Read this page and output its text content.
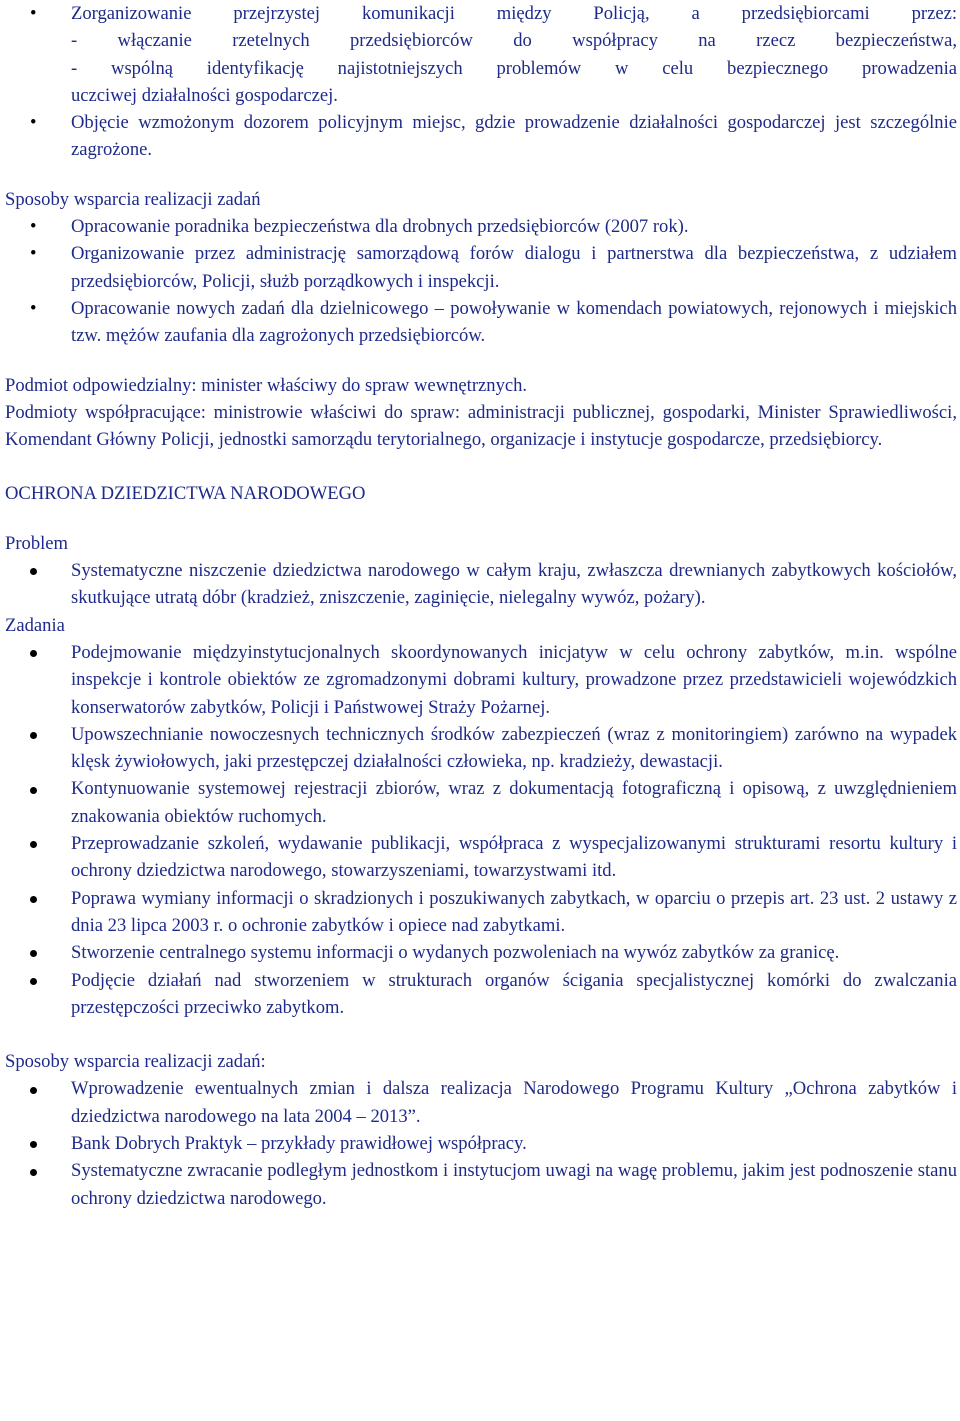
• Zorganizowanie przejrzystej komunikacji między Policją, a przedsiębiorcami przez:
- włączanie rzetelnych przedsiębiorców do współpracy na rzecz bezpieczeństwa,
- wspólną identyfikację najistotniejszych problemów w celu bezpiecznego prowadzenia
uczciwej działalności gospodarczej.
• Objęcie wzmożonym dozorem policyjnym miejsc, gdzie prowadzenie działalności gospodarczej jest szczególnie zagrożone.

Sposoby wsparcia realizacji zadań

• Opracowanie poradnika bezpieczeństwa dla drobnych przedsiębiorców (2007 rok).
• Organizowanie przez administrację samorządową forów dialogu i partnerstwa dla bezpieczeństwa, z udziałem przedsiębiorców, Policji, służb porządkowych i inspekcji.
• Opracowanie nowych zadań dla dzielnicowego – powoływanie w komendach powiatowych, rejonowych i miejskich tzw. mężów zaufania dla zagrożonych przedsiębiorców.

Podmiot odpowiedzialny: minister właściwy do spraw wewnętrznych.

Podmioty współpracujące: ministrowie właściwi do spraw: administracji publicznej, gospodarki, Minister Sprawiedliwości, Komendant Główny Policji, jednostki samorządu terytorialnego, organizacje i instytucje gospodarcze, przedsiębiorcy.

OCHRONA DZIEDZICTWA NARODOWEGO

Problem

Systematyczne niszczenie dziedzictwa narodowego w całym kraju, zwłaszcza drewnianych zabytkowych kościołów, skutkujące utratą dóbr (kradzież, zniszczenie, zaginięcie, nielegalny wywóz, pożary).

Zadania

Podejmowanie międzyinstytucjonalnych skoordynowanych inicjatyw w celu ochrony zabytków, m.in. wspólne inspekcje i kontrole obiektów ze zgromadzonymi dobrami kultury, prowadzone przez przedstawicieli wojewódzkich konserwatorów zabytków, Policji i Państwowej Straży Pożarnej.
Upowszechnianie nowoczesnych technicznych środków zabezpieczeń (wraz z monitoringiem) zarówno na wypadek klęsk żywiołowych, jaki przestępczej działalności człowieka, np. kradzieży, dewastacji.
Kontynuowanie systemowej rejestracji zbiorów, wraz z dokumentacją fotograficzną i opisową, z uwzględnieniem znakowania obiektów ruchomych.
Przeprowadzanie szkoleń, wydawanie publikacji, współpraca z wyspecjalizowanymi strukturami resortu kultury i ochrony dziedzictwa narodowego, stowarzyszeniami, towarzystwami itd.
Poprawa wymiany informacji o skradzionych i poszukiwanych zabytkach, w oparciu o przepis art. 23 ust. 2 ustawy z dnia 23 lipca 2003 r. o ochronie zabytków i opiece nad zabytkami.
Stworzenie centralnego systemu informacji o wydanych pozwoleniach na wywóz zabytków za granicę.
Podjęcie działań nad stworzeniem w strukturach organów ścigania specjalistycznej komórki do zwalczania przestępczości przeciwko zabytkom.

Sposoby wsparcia realizacji zadań:

Wprowadzenie ewentualnych zmian i dalsza realizacja Narodowego Programu Kultury „Ochrona zabytków i dziedzictwa narodowego na lata 2004 – 2013”.
Bank Dobrych Praktyk – przykłady prawidłowej współpracy.
Systematyczne zwracanie podległym jednostkom i instytucjom uwagi na wagę problemu, jakim jest podnoszenie stanu ochrony dziedzictwa narodowego.
